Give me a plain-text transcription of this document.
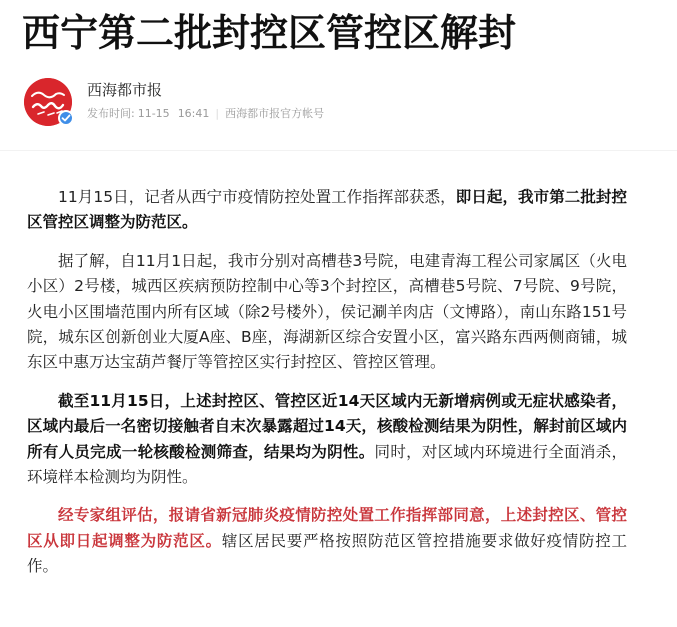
西宁第二批封控区管控区解封
西海都市报
发布时间: 11-15 16:41 | 西海都市报官方帐号

11月15日，记者从西宁市疫情防控处置工作指挥部获悉，即日起，我市第二批封控区管控区调整为防范区。

据了解，自11月1日起，我市分别对高槽巷3号院，电建青海工程公司家属区（火电小区）2号楼，城西区疾病预防控制中心等3个封控区，高槽巷5号院、7号院、9号院，火电小区围墙范围内所有区域（除2号楼外），侯记涮羊肉店（文博路），南山东路151号院，城东区创新创业大厦A座、B座，海湖新区综合安置小区，富兴路东西两侧商铺，城东区中惠万达宝葫芦餐厅等管控区实行封控区、管控区管理。

截至11月15日，上述封控区、管控区近14天区域内无新增病例或无症状感染者，区域内最后一名密切接触者自末次暴露超过14天，核酸检测结果为阴性，解封前区域内所有人员完成一轮核酸检测筛查，结果均为阴性。同时，对区域内环境进行全面消杀，环境样本检测均为阴性。

经专家组评估，报请省新冠肺炎疫情防控处置工作指挥部同意，上述封控区、管控区从即日起调整为防范区。辖区居民要严格按照防范区管控措施要求做好疫情防控工作。
